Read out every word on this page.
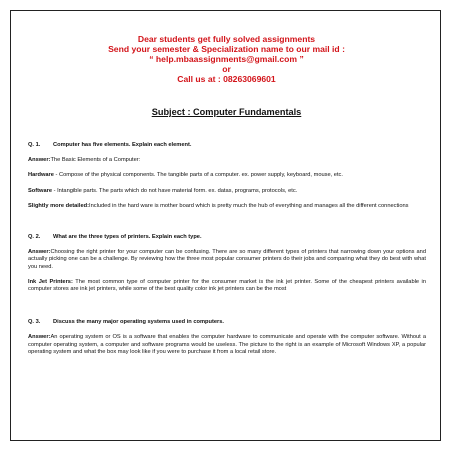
Dear students get fully solved assignments
Send your semester & Specialization name to our mail id :
“ help.mbaassignments@gmail.com ”
or
Call us at : 08263069601
Subject : Computer Fundamentals
Q. 1. Computer has five elements. Explain each element.
Answer:The Basic Elements of a Computer:
Hardware - Compose of the physical components. The tangible parts of a computer. ex. power supply, keyboard, mouse, etc.
Software - Intangible parts. The parts which do not have material form. ex. datas, programs, protocols, etc.
Slightly more detailed:Included in the hard ware is mother board which is pretty much the hub of everything and manages all the different connections
Q. 2. What are the three types of printers. Explain each type.
Answer:Choosing the right printer for your computer can be confusing. There are so many different types of printers that narrowing down your options and actually picking one can be a challenge. By reviewing how the three most popular consumer printers do their jobs and comparing what they do best with what you need.
Ink Jet Printers: The most common type of computer printer for the consumer market is the ink jet printer. Some of the cheapest printers available in computer stores are ink jet printers, while some of the best quality color ink jet printers can be the most
Q. 3. Discuss the many major operating systems used in computers.
Answer:An operating system or OS is a software that enables the computer hardware to communicate and operate with the computer software. Without a computer operating system, a computer and software programs would be useless. The picture to the right is an example of Microsoft Windows XP, a popular operating system and what the box may look like if you were to purchase it from a local retail store.
